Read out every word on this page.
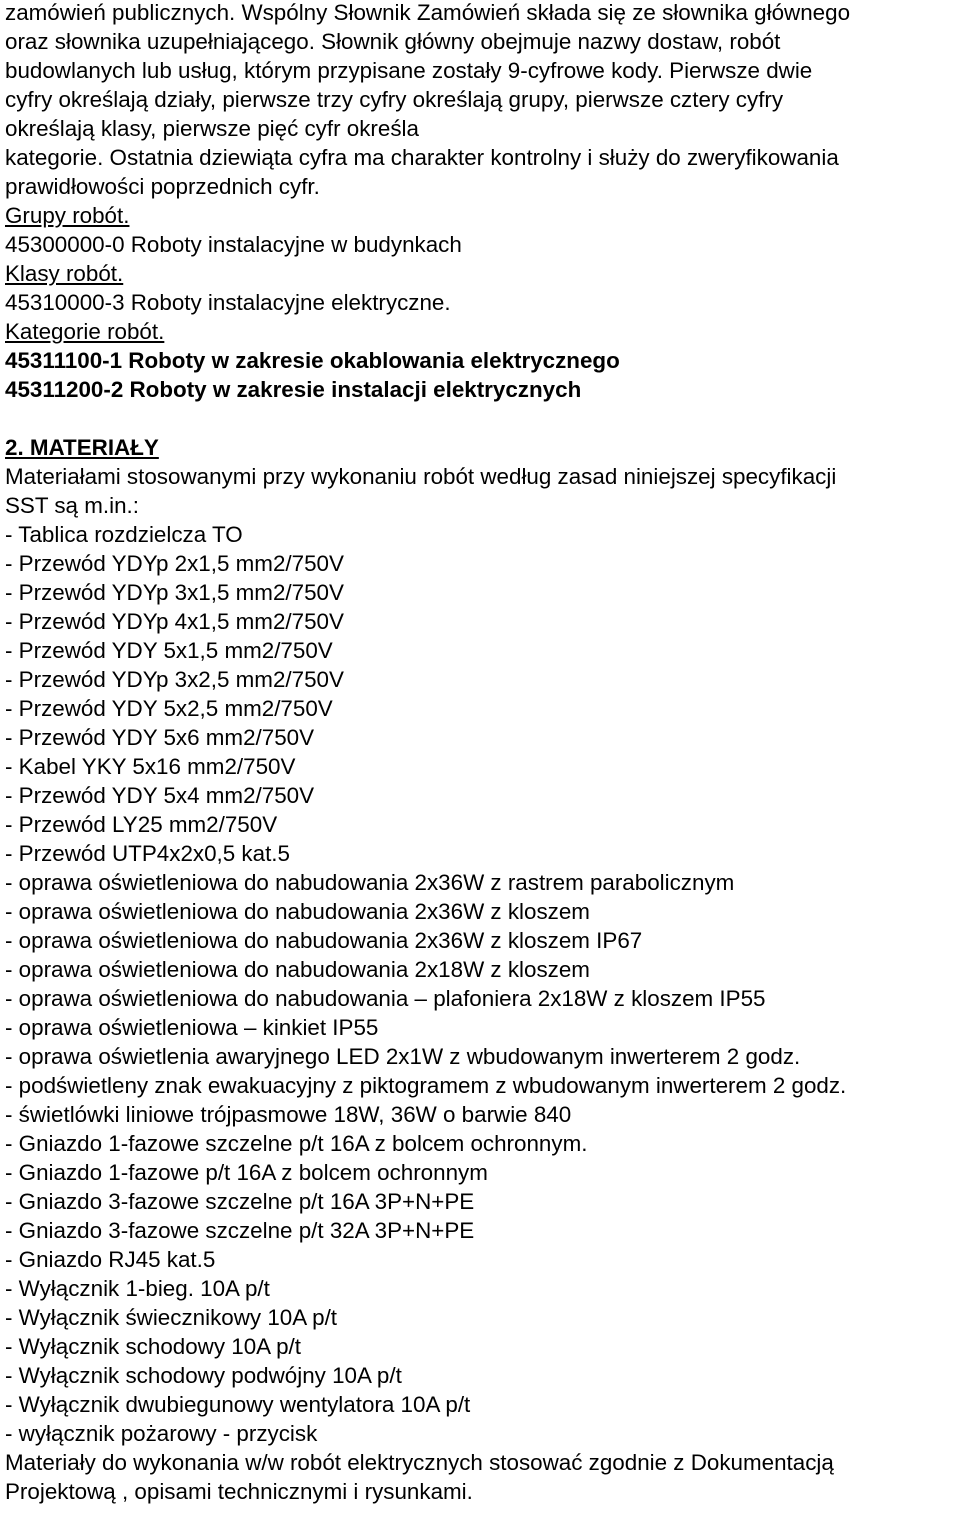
zamówień publicznych. Wspólny Słownik Zamówień składa się ze słownika głównego
oraz słownika uzupełniającego. Słownik główny obejmuje nazwy dostaw, robót
budowlanych lub usług, którym przypisane zostały 9-cyfrowe kody. Pierwsze dwie
cyfry określają działy, pierwsze trzy cyfry określają grupy, pierwsze cztery cyfry
określają klasy, pierwsze pięć cyfr określa
kategorie. Ostatnia dziewiąta cyfra ma charakter kontrolny i służy do zweryfikowania
prawidłowości poprzednich cyfr.
Grupy robót.
45300000-0 Roboty instalacyjne w budynkach
Klasy robót.
45310000-3 Roboty instalacyjne elektryczne.
Kategorie robót.
45311100-1 Roboty w zakresie okablowania elektrycznego
45311200-2 Roboty w zakresie instalacji elektrycznych
2. MATERIAŁY
Materiałami stosowanymi przy wykonaniu robót według zasad niniejszej specyfikacji
SST są m.in.:
- Tablica rozdzielcza TO
- Przewód YDYp 2x1,5 mm2/750V
- Przewód YDYp 3x1,5 mm2/750V
- Przewód YDYp 4x1,5 mm2/750V
- Przewód YDY 5x1,5 mm2/750V
- Przewód YDYp 3x2,5 mm2/750V
- Przewód YDY 5x2,5 mm2/750V
- Przewód YDY 5x6 mm2/750V
- Kabel YKY 5x16 mm2/750V
- Przewód YDY 5x4 mm2/750V
- Przewód LY25 mm2/750V
- Przewód UTP4x2x0,5 kat.5
- oprawa oświetleniowa do nabudowania 2x36W z rastrem parabolicznym
- oprawa oświetleniowa do nabudowania 2x36W z kloszem
- oprawa oświetleniowa do nabudowania 2x36W z kloszem IP67
- oprawa oświetleniowa do nabudowania 2x18W z kloszem
- oprawa oświetleniowa do nabudowania – plafoniera 2x18W z kloszem IP55
- oprawa oświetleniowa – kinkiet IP55
- oprawa oświetlenia awaryjnego LED 2x1W z wbudowanym inwerterem 2 godz.
- podświetleny znak ewakuacyjny z piktogramem z wbudowanym inwerterem 2 godz.
- świetlówki liniowe trójpasmowe 18W, 36W o barwie 840
- Gniazdo 1-fazowe szczelne p/t 16A z bolcem ochronnym.
- Gniazdo 1-fazowe p/t 16A z bolcem ochronnym
- Gniazdo 3-fazowe szczelne p/t 16A 3P+N+PE
- Gniazdo 3-fazowe szczelne p/t 32A 3P+N+PE
- Gniazdo RJ45 kat.5
- Wyłącznik 1-bieg. 10A p/t
- Wyłącznik świecznikowy 10A p/t
- Wyłącznik schodowy 10A p/t
- Wyłącznik schodowy podwójny 10A p/t
- Wyłącznik dwubiegunowy wentylatora 10A p/t
- wyłącznik pożarowy - przycisk
Materiały do wykonania w/w robót elektrycznych stosować zgodnie z Dokumentacją
Projektową , opisami technicznymi i rysunkami.
